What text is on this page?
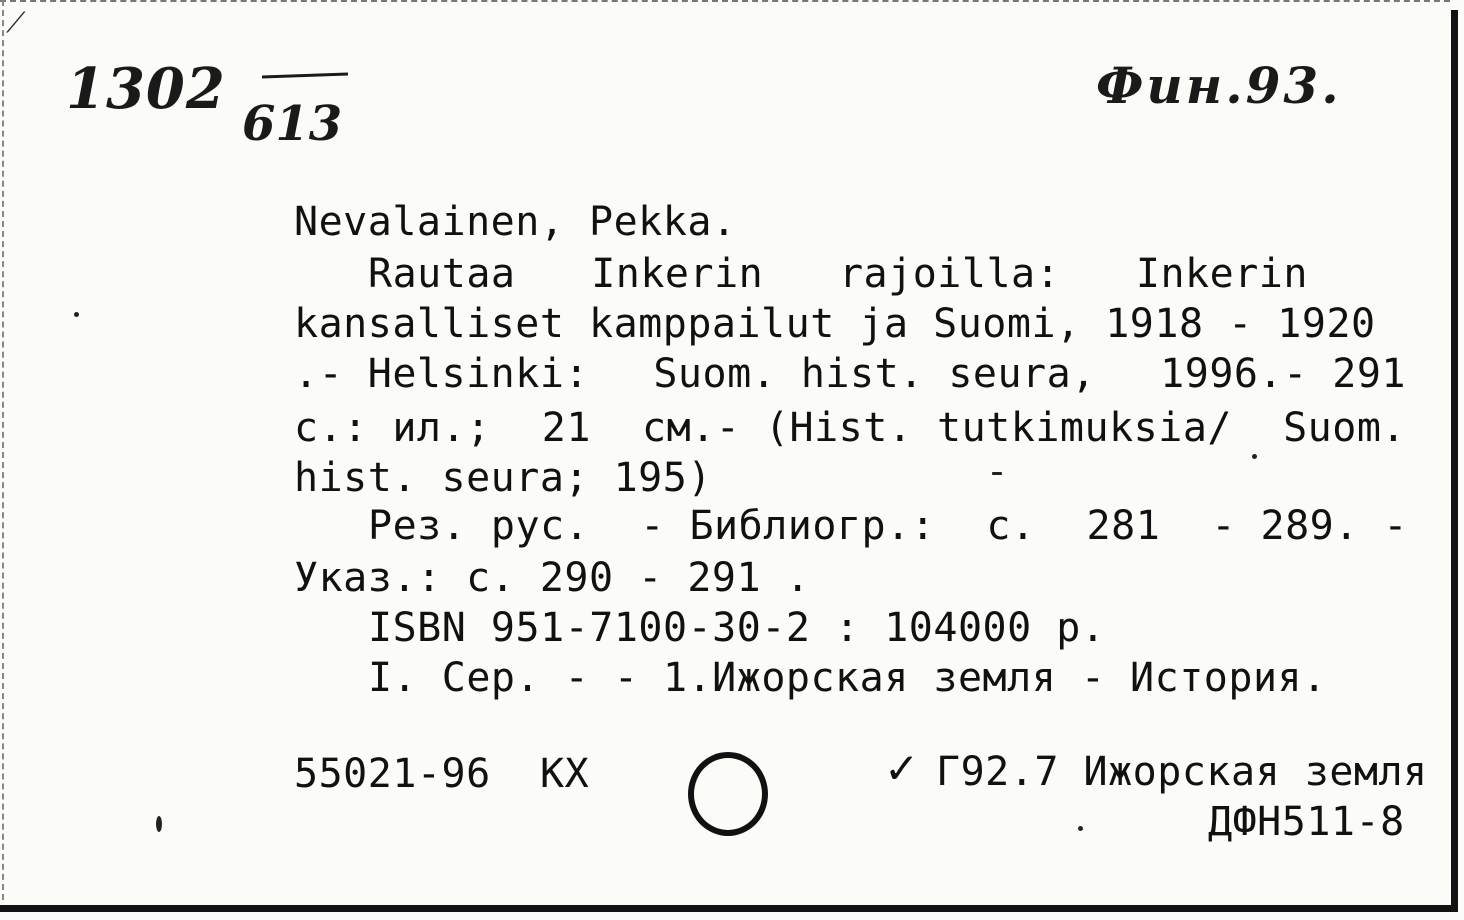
⟋
1302
613
Фин.93.
Nevalainen, Pekka.
Rautaa Inkerin rajoilla: Inkerin
kansalliset kamppailut ja Suomi, 1918 - 1920
.- Helsinki: Suom. hist. seura, 1996.- 291
c.: ил.; 21 см.- (Hist. tutkimuksia/ Suom.
hist. seura; 195)
Рез. рус. - Библиогр.: с. 281 - 289. -
Указ.: с. 290 - 291 .
ISBN 951-7100-30-2 : 104000 р.
I. Сер. - - 1.Ижорская земля - История.
55021-96 КХ	✓ Г92.7 Ижорская земля
ДФН511-8
